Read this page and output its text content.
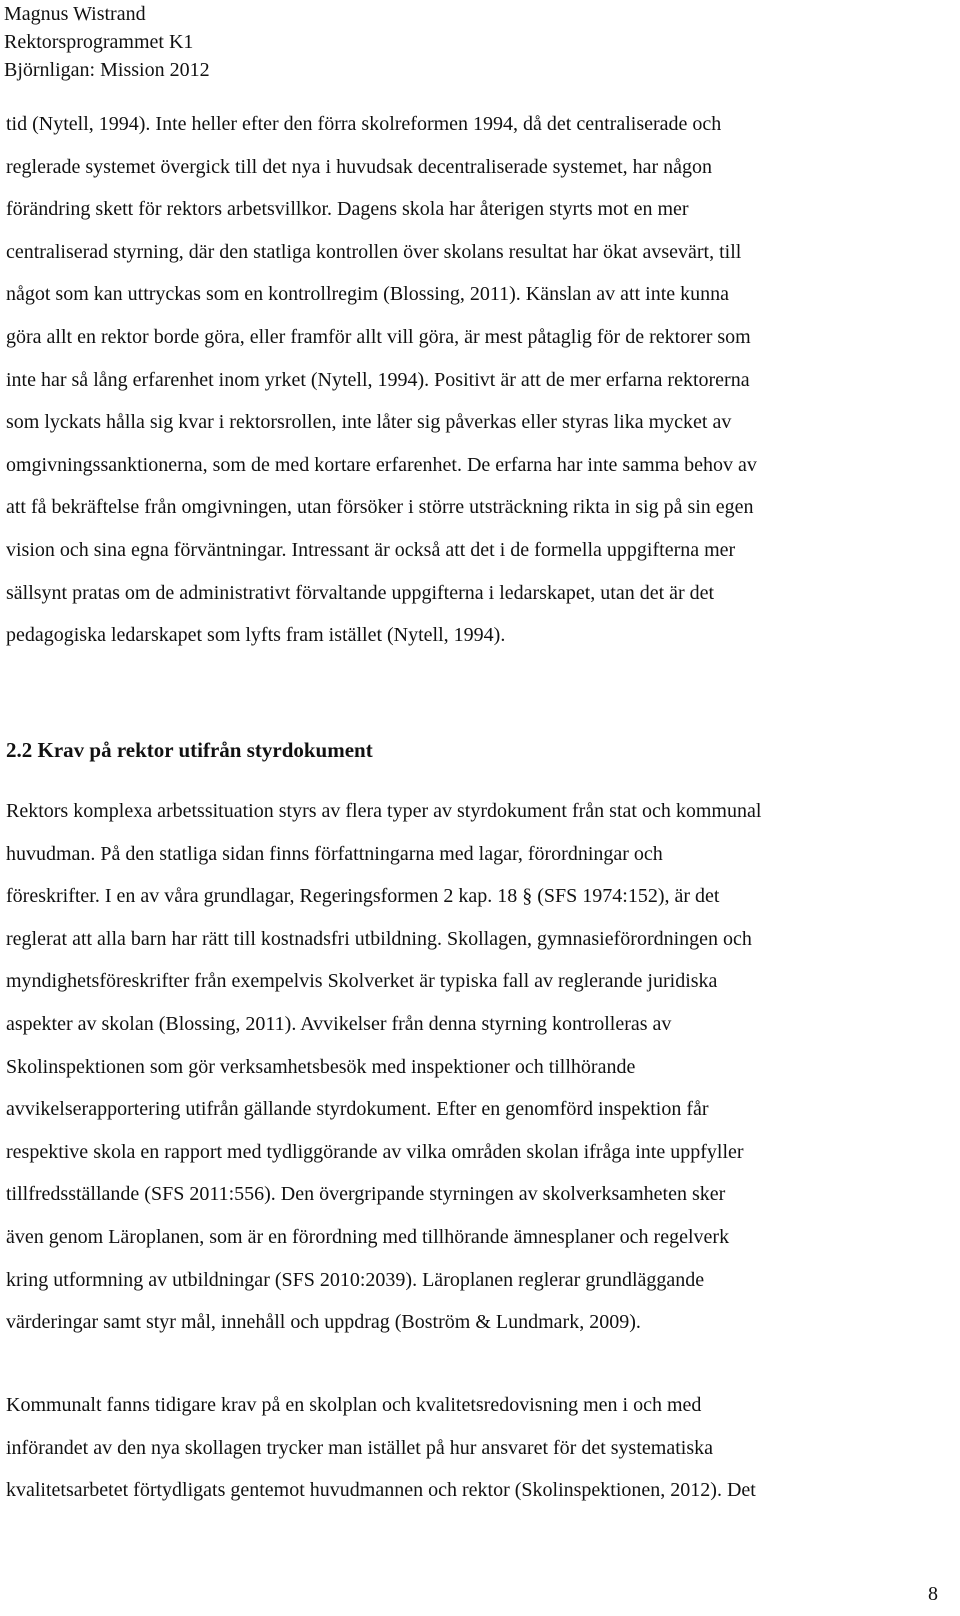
Magnus Wistrand
Rektorsprogrammet K1
Björnligan: Mission 2012
tid (Nytell, 1994). Inte heller efter den förra skolreformen 1994, då det centraliserade och
reglerade systemet övergick till det nya i huvudsak decentraliserade systemet, har någon
förändring skett för rektors arbetsvillkor. Dagens skola har återigen styrts mot en mer
centraliserad styrning, där den statliga kontrollen över skolans resultat har ökat avsevärt, till
något som kan uttryckas som en kontrollregim (Blossing, 2011). Känslan av att inte kunna
göra allt en rektor borde göra, eller framför allt vill göra, är mest påtaglig för de rektorer som
inte har så lång erfarenhet inom yrket (Nytell, 1994). Positivt är att de mer erfarna rektorerna
som lyckats hålla sig kvar i rektorsrollen, inte låter sig påverkas eller styras lika mycket av
omgivningssanktionerna, som de med kortare erfarenhet. De erfarna har inte samma behov av
att få bekräftelse från omgivningen, utan försöker i större utsträckning rikta in sig på sin egen
vision och sina egna förväntningar. Intressant är också att det i de formella uppgifterna mer
sällsynt pratas om de administrativt förvaltande uppgifterna i ledarskapet, utan det är det
pedagogiska ledarskapet som lyfts fram istället (Nytell, 1994).
2.2 Krav på rektor utifrån styrdokument
Rektors komplexa arbetssituation styrs av flera typer av styrdokument från stat och kommunal
huvudman. På den statliga sidan finns författningarna med lagar, förordningar och
föreskrifter. I en av våra grundlagar, Regeringsformen 2 kap. 18 § (SFS 1974:152), är det
reglerat att alla barn har rätt till kostnadsfri utbildning. Skollagen, gymnasieförordningen och
myndighetsföreskrifter från exempelvis Skolverket är typiska fall av reglerande juridiska
aspekter av skolan (Blossing, 2011). Avvikelser från denna styrning kontrolleras av
Skolinspektionen som gör verksamhetsbesök med inspektioner och tillhörande
avvikelserapportering utifrån gällande styrdokument. Efter en genomförd inspektion får
respektive skola en rapport med tydliggörande av vilka områden skolan ifråga inte uppfyller
tillfredsställande (SFS 2011:556). Den övergripande styrningen av skolverksamheten sker
även genom Läroplanen, som är en förordning med tillhörande ämnesplaner och regelverk
kring utformning av utbildningar (SFS 2010:2039). Läroplanen reglerar grundläggande
värderingar samt styr mål, innehåll och uppdrag (Boström & Lundmark, 2009).
Kommunalt fanns tidigare krav på en skolplan och kvalitetsredovisning men i och med
införandet av den nya skollagen trycker man istället på hur ansvaret för det systematiska
kvalitetsarbetet förtydligats gentemot huvudmannen och rektor (Skolinspektionen, 2012). Det
8
